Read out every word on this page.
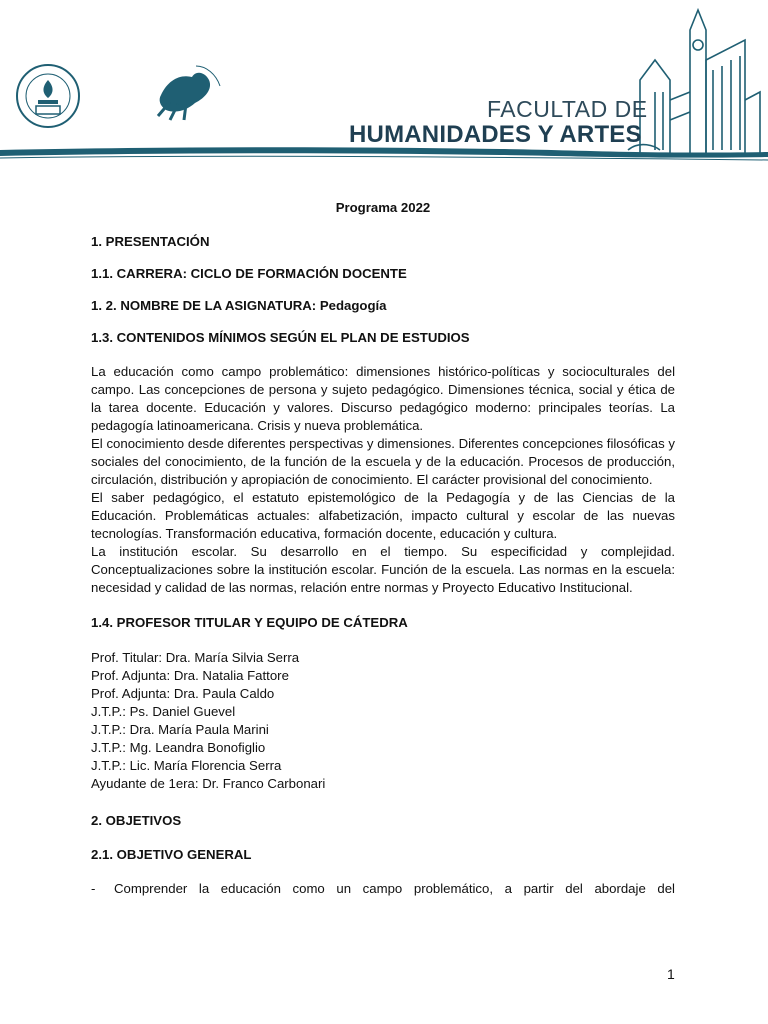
FACULTAD DE
HUMANIDADES Y ARTES
Programa 2022
1. PRESENTACIÓN
1.1. CARRERA: CICLO DE FORMACIÓN DOCENTE
1. 2. NOMBRE DE LA ASIGNATURA: Pedagogía
1.3. CONTENIDOS MÍNIMOS SEGÚN EL PLAN DE ESTUDIOS

La educación como campo problemático: dimensiones histórico-políticas y socioculturales del campo. Las concepciones de persona y sujeto pedagógico. Dimensiones técnica, social y ética de la tarea docente. Educación y valores. Discurso pedagógico moderno: principales teorías. La pedagogía latinoamericana. Crisis y nueva problemática.

El conocimiento desde diferentes perspectivas y dimensiones. Diferentes concepciones filosóficas y sociales del conocimiento, de la función de la escuela y de la educación. Procesos de producción, circulación, distribución y apropiación de conocimiento. El carácter provisional del conocimiento.

El saber pedagógico, el estatuto epistemológico de la Pedagogía y de las Ciencias de la Educación. Problemáticas actuales: alfabetización, impacto cultural y escolar de las nuevas tecnologías. Transformación educativa, formación docente, educación y cultura.

La institución escolar. Su desarrollo en el tiempo. Su especificidad y complejidad. Conceptualizaciones sobre la institución escolar. Función de la escuela. Las normas en la escuela: necesidad y calidad de las normas, relación entre normas y Proyecto Educativo Institucional.

1.4. PROFESOR TITULAR Y EQUIPO DE CÁTEDRA

Prof. Titular: Dra. María Silvia Serra

Prof. Adjunta: Dra. Natalia Fattore

Prof. Adjunta: Dra. Paula Caldo

J.T.P.: Ps. Daniel Guevel

J.T.P.: Dra. María Paula Marini

J.T.P.: Mg. Leandra Bonofiglio

J.T.P.: Lic. María Florencia Serra

Ayudante de 1era: Dr. Franco Carbonari

2. OBJETIVOS
2.1. OBJETIVO GENERAL
-	Comprender la educación como un campo problemático, a partir del abordaje del
1
